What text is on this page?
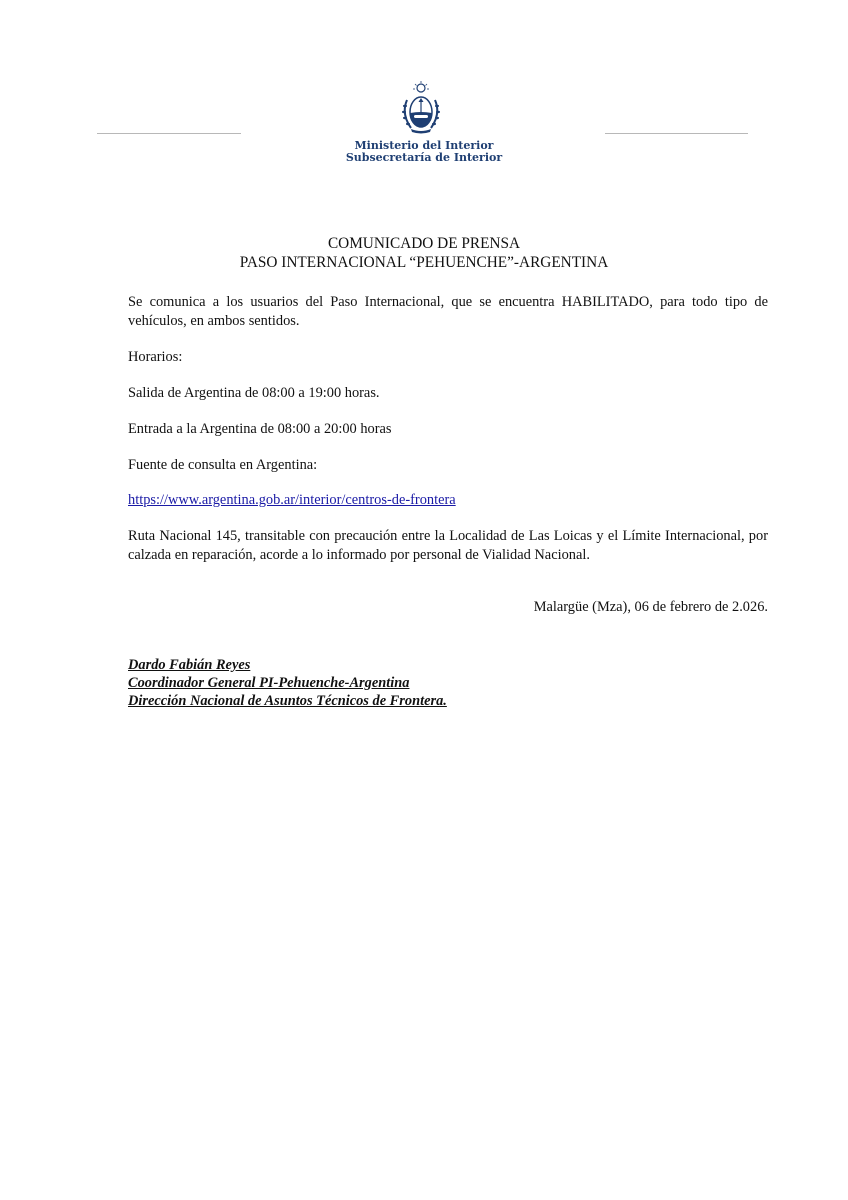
Ministerio del Interior
Subsecretaría de Interior
COMUNICADO DE PRENSA
PASO INTERNACIONAL “PEHUENCHE”-ARGENTINA
Se comunica a los usuarios del Paso Internacional, que se encuentra HABILITADO, para todo tipo de vehículos, en ambos sentidos.
Horarios:
Salida de Argentina de 08:00 a 19:00 horas.
Entrada a la Argentina de 08:00 a 20:00 horas
Fuente de consulta en Argentina:
https://www.argentina.gob.ar/interior/centros-de-frontera
Ruta Nacional 145, transitable con precaución entre la Localidad de Las Loicas y el Límite Internacional, por calzada en reparación, acorde a lo informado por personal de Vialidad Nacional.
Malargüe (Mza), 06 de febrero de 2.026.
Dardo Fabián Reyes
Coordinador General PI-Pehuenche-Argentina
Dirección Nacional de Asuntos Técnicos de Frontera.
